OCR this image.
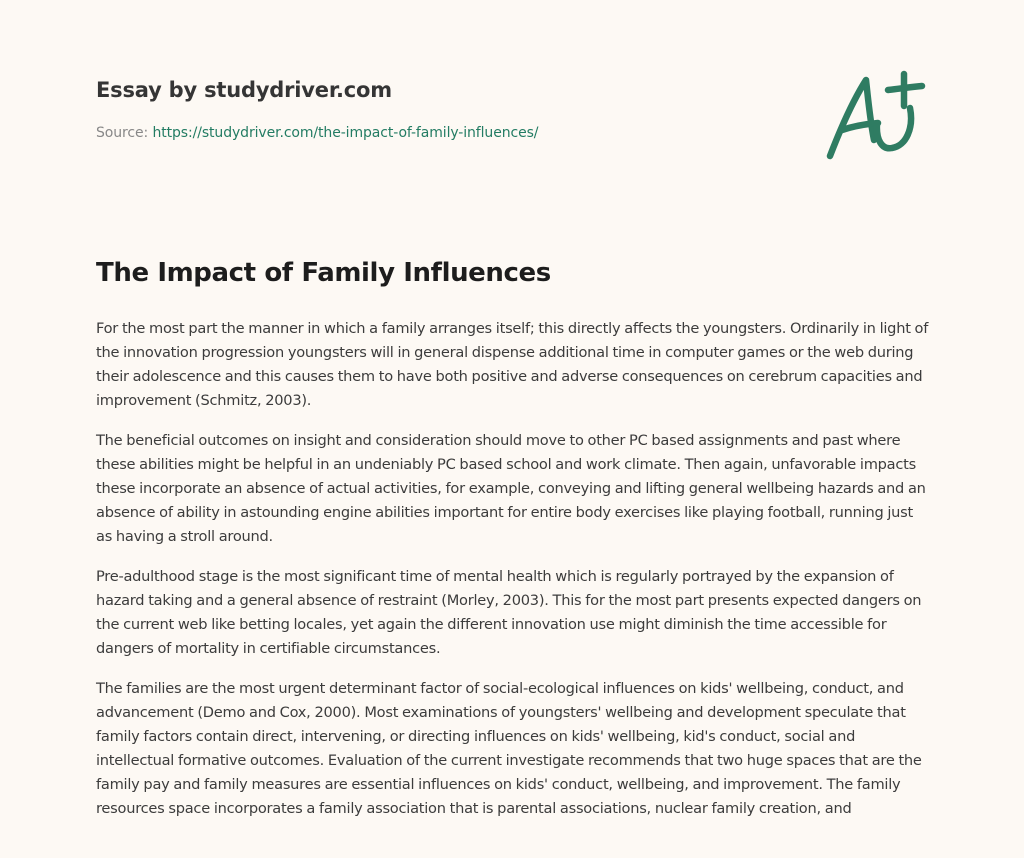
Essay by studydriver.com
Source: https://studydriver.com/the-impact-of-family-influences/
The Impact of Family Influences

For the most part the manner in which a family arranges itself; this directly affects the youngsters. Ordinarily in light of the innovation progression youngsters will in general dispense additional time in computer games or the web during their adolescence and this causes them to have both positive and adverse consequences on cerebrum capacities and improvement (Schmitz, 2003).

The beneficial outcomes on insight and consideration should move to other PC based assignments and past where these abilities might be helpful in an undeniably PC based school and work climate. Then again, unfavorable impacts these incorporate an absence of actual activities, for example, conveying and lifting general wellbeing hazards and an absence of ability in astounding engine abilities important for entire body exercises like playing football, running just as having a stroll around.

Pre-adulthood stage is the most significant time of mental health which is regularly portrayed by the expansion of hazard taking and a general absence of restraint (Morley, 2003). This for the most part presents expected dangers on the current web like betting locales, yet again the different innovation use might diminish the time accessible for dangers of mortality in certifiable circumstances.

The families are the most urgent determinant factor of social-ecological influences on kids' wellbeing, conduct, and advancement (Demo and Cox, 2000). Most examinations of youngsters' wellbeing and development speculate that family factors contain direct, intervening, or directing influences on kids' wellbeing, kid's conduct, social and intellectual formative outcomes. Evaluation of the current investigate recommends that two huge spaces that are the family pay and family measures are essential influences on kids' conduct, wellbeing, and improvement. The family resources space incorporates a family association that is parental associations, nuclear family creation, and
